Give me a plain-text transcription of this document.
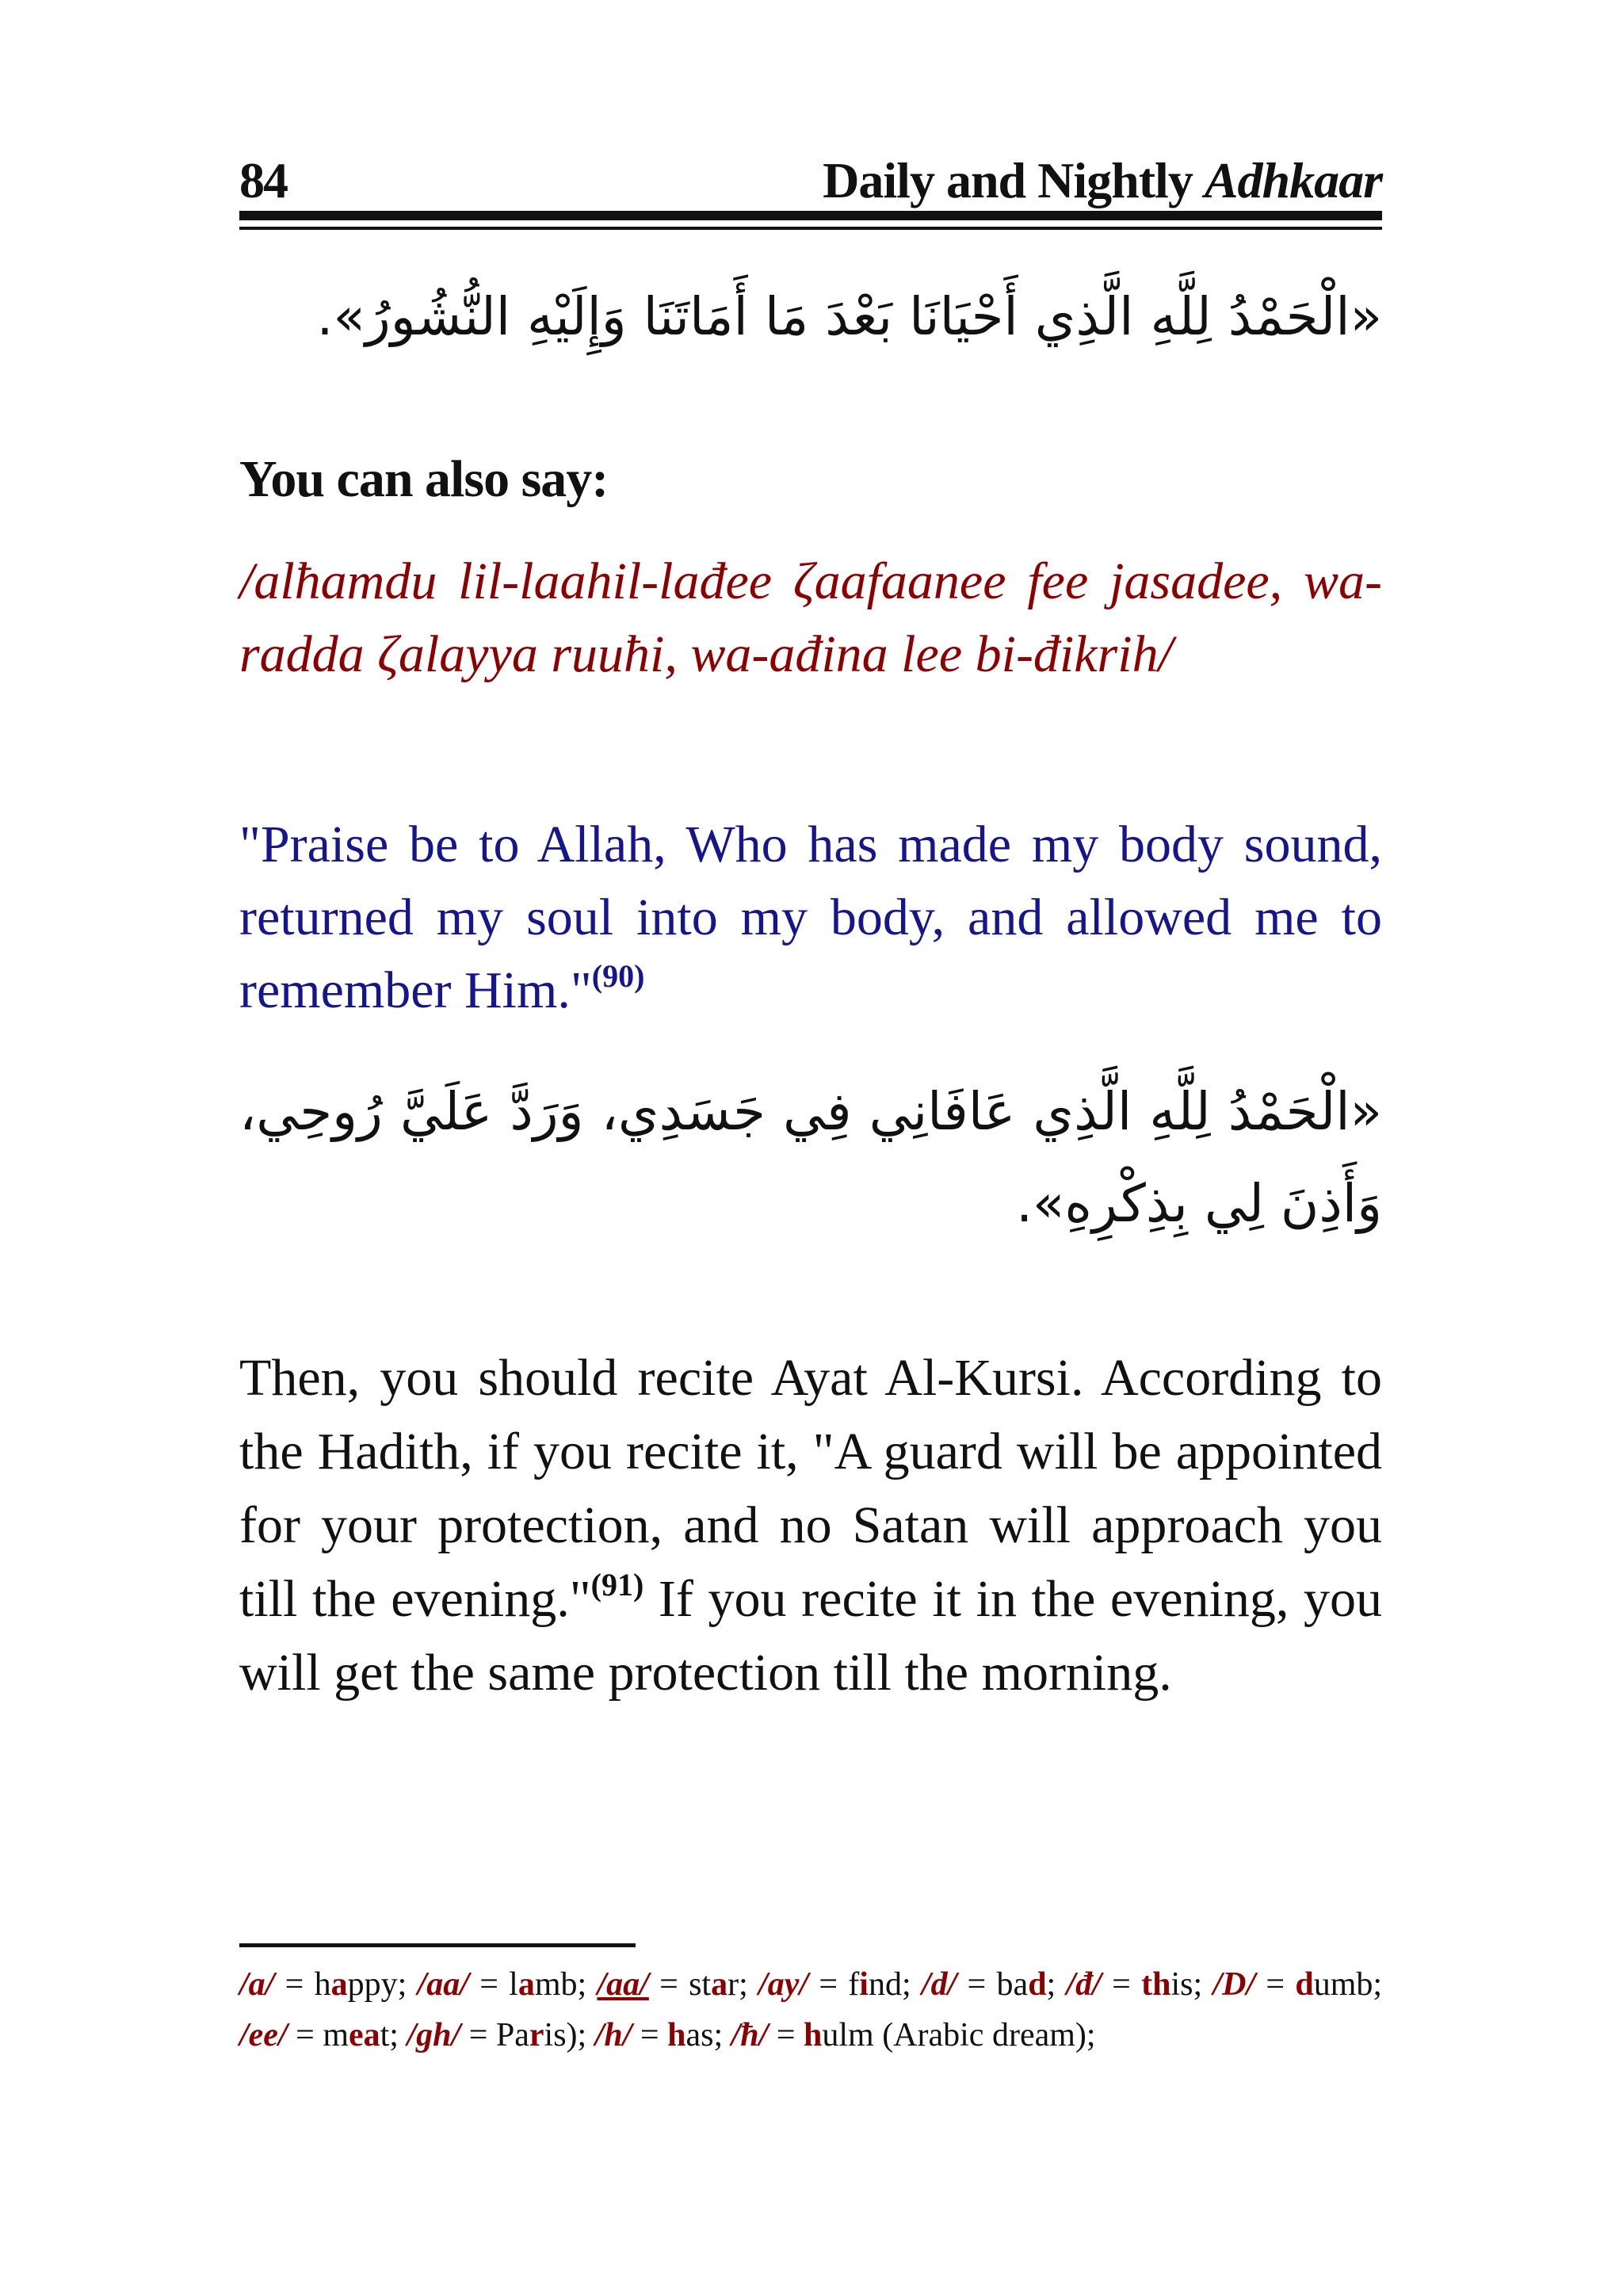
84	Daily and Nightly Adhkaar
«الْحَمْدُ لِلَّهِ الَّذِي أَحْيَانَا بَعْدَ مَا أَمَاتَنَا وَإِلَيْهِ النُّشُورُ».
You can also say:
/alħamdu lil-laahil-lađee ζaafaanee fee jasadee, wa-radda ζalayya ruuħi, wa-ađina lee bi-đikrih/
"Praise be to Allah, Who has made my body sound, returned my soul into my body, and allowed me to remember Him."$^{(90)}$
«الْحَمْدُ لِلَّهِ الَّذِي عَافَانِي فِي جَسَدِي، وَرَدَّ عَلَيَّ رُوحِي، وَأَذِنَ لِي بِذِكْرِهِ».
Then, you should recite Ayat Al-Kursi. According to the Hadith, if you recite it, "A guard will be appointed for your protection, and no Satan will approach you till the evening."$^{(91)}$ If you recite it in the evening, you will get the same protection till the morning.
/a/ = happy; /aa/ = lamb; /aa/ = star; /ay/ = find; /d/ = bad; /đ/ = this; /D/ = dumb; /ee/ = meat; /gh/ = Paris); /h/ = has; /ħ/ = hulm (Arabic dream);
